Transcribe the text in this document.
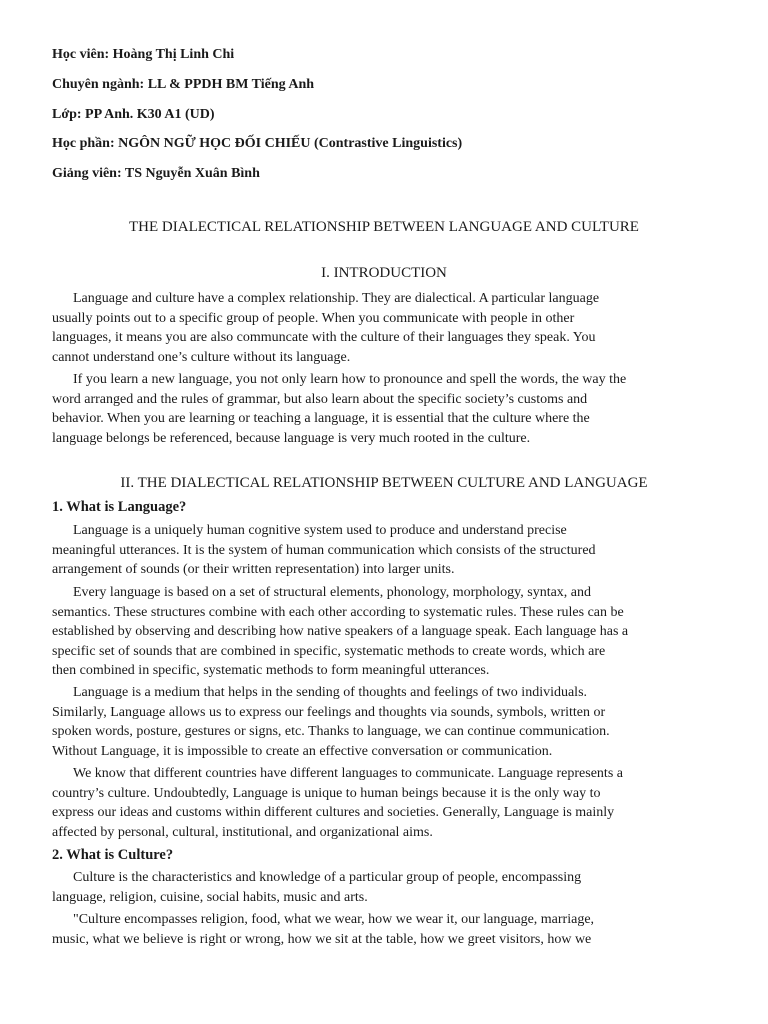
Học viên: Hoàng Thị Linh Chi
Chuyên ngành: LL & PPDH BM Tiếng Anh
Lớp: PP Anh. K30 A1 (UD)
Học phần: NGÔN NGỮ HỌC ĐỐI CHIẾU (Contrastive Linguistics)
Giảng viên: TS Nguyễn Xuân Bình
THE DIALECTICAL RELATIONSHIP BETWEEN LANGUAGE AND CULTURE
I. INTRODUCTION
Language and culture have a complex relationship. They are dialectical. A particular language
usually points out to a specific group of people. When you communicate with people in other
languages, it means you are also communcate with the culture of their languages they speak. You
cannot understand one’s culture without its language.
If you learn a new language, you not only learn how to pronounce and spell the words, the way the
word arranged and the rules of grammar, but also learn about the specific society’s customs and
behavior. When you are learning or teaching a language, it is essential that the culture where the
language belongs be referenced, because language is very much rooted in the culture.
II. THE DIALECTICAL RELATIONSHIP BETWEEN CULTURE AND LANGUAGE
1. What is Language?
Language is a uniquely human cognitive system used to produce and understand precise
meaningful utterances. It is the system of human communication which consists of the structured
arrangement of sounds (or their written representation) into larger units.
Every language is based on a set of structural elements, phonology, morphology, syntax, and
semantics. These structures combine with each other according to systematic rules. These rules can be
established by observing and describing how native speakers of a language speak. Each language has a
specific set of sounds that are combined in specific, systematic methods to create words, which are
then combined in specific, systematic methods to form meaningful utterances.
Language is a medium that helps in the sending of thoughts and feelings of two individuals.
Similarly, Language allows us to express our feelings and thoughts via sounds, symbols, written or
spoken words, posture, gestures or signs, etc. Thanks to language, we can continue communication.
Without Language, it is impossible to create an effective conversation or communication.
We know that different countries have different languages to communicate. Language represents a
country’s culture. Undoubtedly, Language is unique to human beings because it is the only way to
express our ideas and customs within different cultures and societies. Generally, Language is mainly
affected by personal, cultural, institutional, and organizational aims.
2. What is Culture?
Culture is the characteristics and knowledge of a particular group of people, encompassing
language, religion, cuisine, social habits, music and arts.
"Culture encompasses religion, food, what we wear, how we wear it, our language, marriage,
music, what we believe is right or wrong, how we sit at the table, how we greet visitors, how we
